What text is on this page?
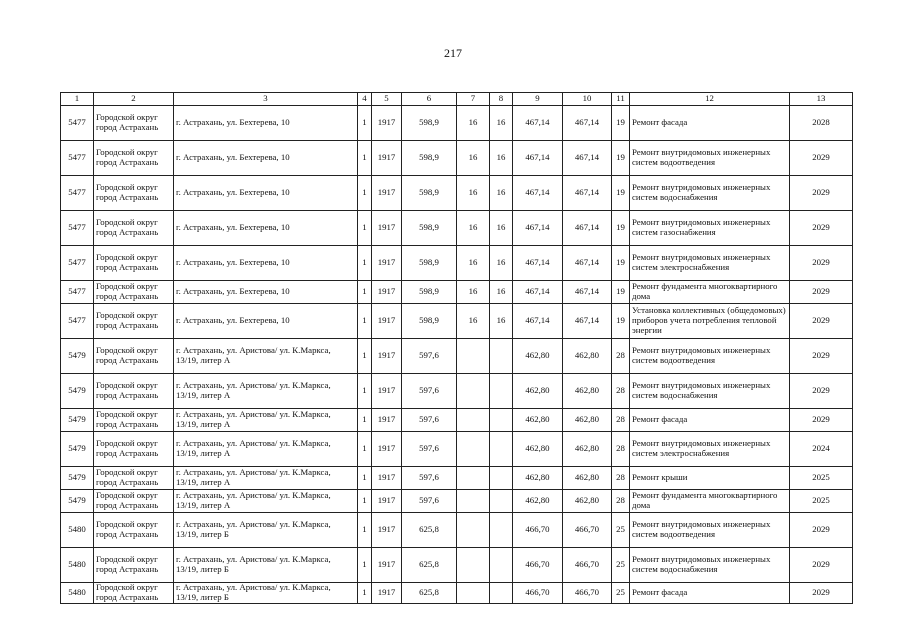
217
1	2	3	4	5	6	7	8	9	10	11	12	13
5477	Городской округ город Астрахань	г. Астрахань, ул. Бехтерева, 10	1	1917	598,9	16	16	467,14	467,14	19	Ремонт фасада	2028
5477	Городской округ город Астрахань	г. Астрахань, ул. Бехтерева, 10	1	1917	598,9	16	16	467,14	467,14	19	Ремонт внутридомовых инженерных систем водоотведения	2029
5477	Городской округ город Астрахань	г. Астрахань, ул. Бехтерева, 10	1	1917	598,9	16	16	467,14	467,14	19	Ремонт внутридомовых инженерных систем водоснабжения	2029
5477	Городской округ город Астрахань	г. Астрахань, ул. Бехтерева, 10	1	1917	598,9	16	16	467,14	467,14	19	Ремонт внутридомовых инженерных систем газоснабжения	2029
5477	Городской округ город Астрахань	г. Астрахань, ул. Бехтерева, 10	1	1917	598,9	16	16	467,14	467,14	19	Ремонт внутридомовых инженерных систем электроснабжения	2029
5477	Городской округ город Астрахань	г. Астрахань, ул. Бехтерева, 10	1	1917	598,9	16	16	467,14	467,14	19	Ремонт фундамента многоквартирного дома	2029
5477	Городской округ город Астрахань	г. Астрахань, ул. Бехтерева, 10	1	1917	598,9	16	16	467,14	467,14	19	Установка коллективных (общедомовых) приборов учета потребления тепловой энергии	2029
5479	Городской округ город Астрахань	г. Астрахань, ул. Аристова/ ул. К.Маркса, 13/19, литер А	1	1917	597,6			462,80	462,80	28	Ремонт внутридомовых инженерных систем водоотведения	2029
5479	Городской округ город Астрахань	г. Астрахань, ул. Аристова/ ул. К.Маркса, 13/19, литер А	1	1917	597,6			462,80	462,80	28	Ремонт внутридомовых инженерных систем водоснабжения	2029
5479	Городской округ город Астрахань	г. Астрахань, ул. Аристова/ ул. К.Маркса, 13/19, литер А	1	1917	597,6			462,80	462,80	28	Ремонт фасада	2029
5479	Городской округ город Астрахань	г. Астрахань, ул. Аристова/ ул. К.Маркса, 13/19, литер А	1	1917	597,6			462,80	462,80	28	Ремонт внутридомовых инженерных систем электроснабжения	2024
5479	Городской округ город Астрахань	г. Астрахань, ул. Аристова/ ул. К.Маркса, 13/19, литер А	1	1917	597,6			462,80	462,80	28	Ремонт крыши	2025
5479	Городской округ город Астрахань	г. Астрахань, ул. Аристова/ ул. К.Маркса, 13/19, литер А	1	1917	597,6			462,80	462,80	28	Ремонт фундамента многоквартирного дома	2025
5480	Городской округ город Астрахань	г. Астрахань, ул. Аристова/ ул. К.Маркса, 13/19, литер Б	1	1917	625,8			466,70	466,70	25	Ремонт внутридомовых инженерных систем водоотведения	2029
5480	Городской округ город Астрахань	г. Астрахань, ул. Аристова/ ул. К.Маркса, 13/19, литер Б	1	1917	625,8			466,70	466,70	25	Ремонт внутридомовых инженерных систем водоснабжения	2029
5480	Городской округ город Астрахань	г. Астрахань, ул. Аристова/ ул. К.Маркса, 13/19, литер Б	1	1917	625,8			466,70	466,70	25	Ремонт фасада	2029
